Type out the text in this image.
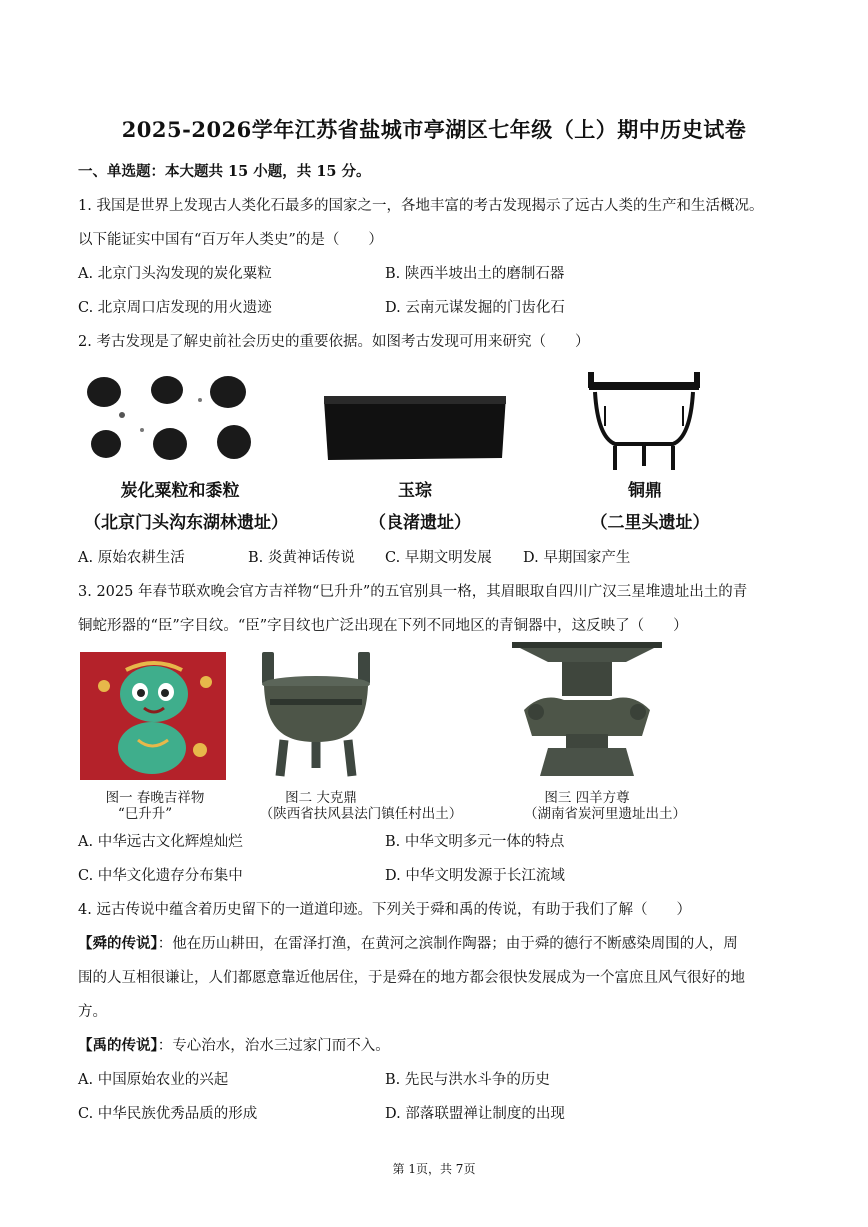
2025-2026学年江苏省盐城市亭湖区七年级（上）期中历史试卷
一、单选题：本大题共 15 小题，共 15 分。
1. 我国是世界上发现古人类化石最多的国家之一，各地丰富的考古发现揭示了远古人类的生产和生活概况。
以下能证实中国有“百万年人类史”的是（　　）
A. 北京门头沟发现的炭化粟粒	B. 陕西半坡出土的磨制石器
C. 北京周口店发现的用火遗迹	D. 云南元谋发掘的门齿化石
2. 考古发现是了解史前社会历史的重要依据。如图考古发现可用来研究（　　）
炭化粟粒和黍粒
（北京门头沟东湖林遗址）
玉琮
（良渚遗址）
铜鼎
（二里头遗址）
A. 原始农耕生活	B. 炎黄神话传说 C. 早期文明发展 D. 早期国家产生
3. 2025 年春节联欢晚会官方吉祥物“巳升升”的五官别具一格，其眉眼取自四川广汉三星堆遗址出土的青
铜蛇形器的“臣”字目纹。“臣”字目纹也广泛出现在下列不同地区的青铜器中，这反映了（　　）
图一 春晚吉祥物
“巳升升”
图二 大克鼎
（陕西省扶风县法门镇任村出土）
图三 四羊方尊
（湖南省炭河里遗址出土）
A. 中华远古文化辉煌灿烂	B. 中华文明多元一体的特点
C. 中华文化遗存分布集中	D. 中华文明发源于长江流域
4. 远古传说中蕴含着历史留下的一道道印迹。下列关于舜和禹的传说，有助于我们了解（　　）
【舜的传说】：他在历山耕田，在雷泽打渔，在黄河之滨制作陶器；由于舜的德行不断感染周围的人，周
围的人互相很谦让，人们都愿意靠近他居住，于是舜在的地方都会很快发展成为一个富庶且风气很好的地
方。
【禹的传说】：专心治水，治水三过家门而不入。
A. 中国原始农业的兴起	B. 先民与洪水斗争的历史
C. 中华民族优秀品质的形成	D. 部落联盟禅让制度的出现
第 1页，共 7页
